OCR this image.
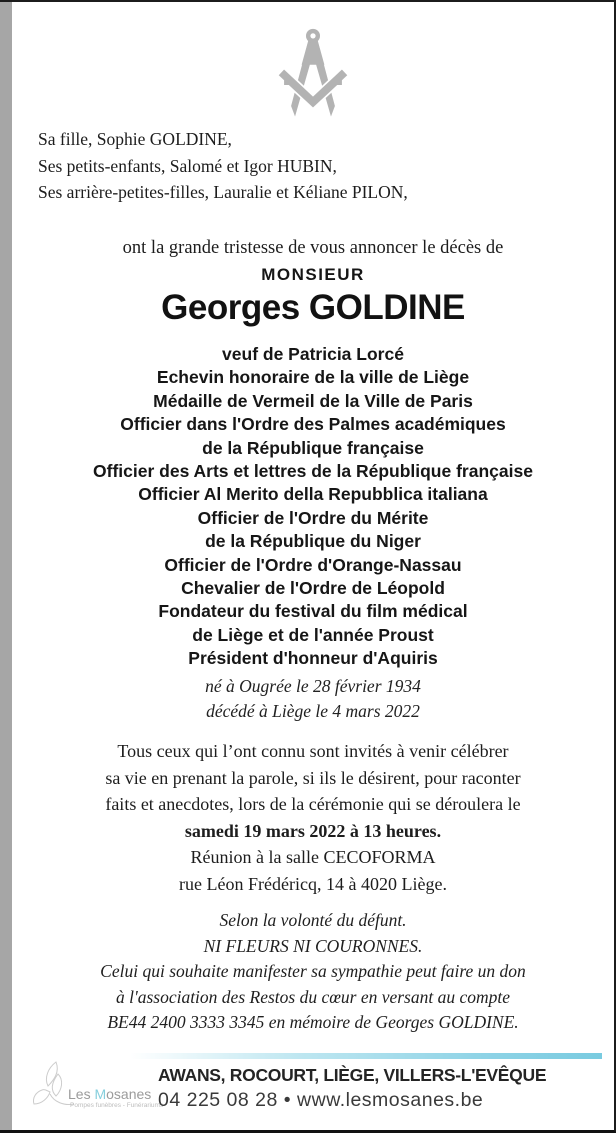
Sa fille, Sophie GOLDINE,
Ses petits-enfants, Salomé et Igor HUBIN,
Ses arrière-petites-filles, Lauralie et Kéliane PILON,
ont la grande tristesse de vous annoncer le décès de
MONSIEUR
Georges GOLDINE
veuf de Patricia Lorcé
Echevin honoraire de la ville de Liège
Médaille de Vermeil de la Ville de Paris
Officier dans l'Ordre des Palmes académiques
de la République française
Officier des Arts et lettres de la République française
Officier Al Merito della Repubblica italiana
Officier de l'Ordre du Mérite
de la République du Niger
Officier de l'Ordre d'Orange-Nassau
Chevalier de l'Ordre de Léopold
Fondateur du festival du film médical
de Liège et de l'année Proust
Président d'honneur d'Aquiris
né à Ougrée le 28 février 1934
décédé à Liège le 4 mars 2022
Tous ceux qui l’ont connu sont invités à venir célébrer
sa vie en prenant la parole, si ils le désirent, pour raconter
faits et anecdotes, lors de la cérémonie qui se déroulera le
samedi 19 mars 2022 à 13 heures.
Réunion à la salle CECOFORMA
rue Léon Frédéricq, 14 à 4020 Liège.
Selon la volonté du défunt.
NI FLEURS NI COURONNES.
Celui qui souhaite manifester sa sympathie peut faire un don
à l'association des Restos du cœur en versant au compte
BE44 2400 3333 3345 en mémoire de Georges GOLDINE.
Les Mosanes
Pompes funèbres - Funérariums
AWANS, ROCOURT, LIÈGE, VILLERS-L'EVÊQUE
04 225 08 28 • www.lesmosanes.be
